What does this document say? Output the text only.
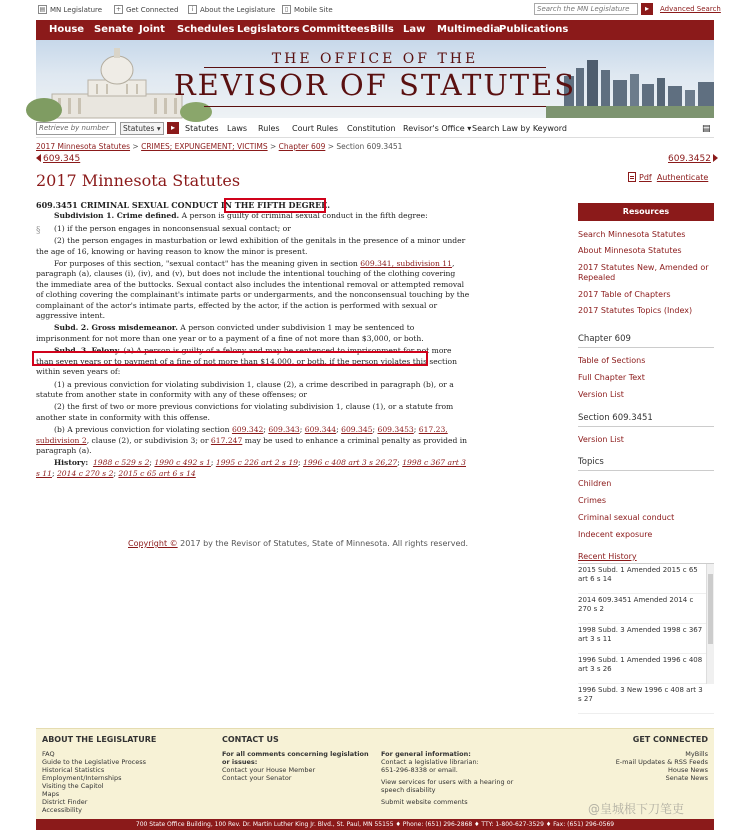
▤ MN Legislature	+ Get Connected	i About the Legislature	▯ Mobile Site	Search the MN Legislature	▸	Advanced Search
House Senate Joint Schedules Legislators Committees Bills Law Multimedia
Publications
THE OFFICE OF THE
REVISOR OF STATUTES
Retrieve by number	Statutes ▾	▸	Statutes Laws Rules Court Rules Constitution Revisor's Office ▾ Search Law by Keyword	▤
2017 Minnesota Statutes > CRIMES; EXPUNGEMENT; VICTIMS > Chapter 609 > Section 609.3451
609.345	609.3452
2017 Minnesota Statutes	Pdf Authenticate
§

609.3451 CRIMINAL SEXUAL CONDUCT IN THE FIFTH DEGREE.

Subdivision 1. Crime defined. A person is guilty of criminal sexual conduct in the fifth degree:

(1) if the person engages in nonconsensual sexual contact; or

(2) the person engages in masturbation or lewd exhibition of the genitals in the presence of a minor under the age of 16, knowing or having reason to know the minor is present.

For purposes of this section, "sexual contact" has the meaning given in section 609.341, subdivision 11, paragraph (a), clauses (i), (iv), and (v), but does not include the intentional touching of the clothing covering the immediate area of the buttocks. Sexual contact also includes the intentional removal or attempted removal of clothing covering the complainant's intimate parts or undergarments, and the nonconsensual touching by the complainant of the actor's intimate parts, effected by the actor, if the action is performed with sexual or aggressive intent.

Subd. 2. Gross misdemeanor. A person convicted under subdivision 1 may be sentenced to imprisonment for not more than one year or to a payment of a fine of not more than $3,000, or both.

Subd. 3. Felony. (a) A person is guilty of a felony and may be sentenced to imprisonment for not more than seven years or to payment of a fine of not more than $14,000, or both, if the person violates this section within seven years of:

(1) a previous conviction for violating subdivision 1, clause (2), a crime described in paragraph (b), or a statute from another state in conformity with any of these offenses; or

(2) the first of two or more previous convictions for violating subdivision 1, clause (1), or a statute from another state in conformity with this offense.

(b) A previous conviction for violating section 609.342; 609.343; 609.344; 609.345; 609.3453; 617.23, subdivision 2, clause (2), or subdivision 3; or 617.247 may be used to enhance a criminal penalty as provided in paragraph (a).

History: 1988 c 529 s 2; 1990 c 492 s 1; 1995 c 226 art 2 s 19; 1996 c 408 art 3 s 26,27; 1998 c 367 art 3 s 11; 2014 c 270 s 2; 2015 c 65 art 6 s 14

Copyright © 2017 by the Revisor of Statutes, State of Minnesota. All rights reserved.
Resources
Search Minnesota Statutes
About Minnesota Statutes
2017 Statutes New, Amended or Repealed
2017 Table of Chapters
2017 Statutes Topics (Index)
Chapter 609
Table of Sections
Full Chapter Text
Version List
Section 609.3451
Version List
Topics
Children
Crimes
Criminal sexual conduct
Indecent exposure
Recent History
2015 Subd. 1 Amended 2015 c 65 art 6 s 14
2014 609.3451 Amended 2014 c 270 s 2
1998 Subd. 3 Amended 1998 c 367 art 3 s 11
1996 Subd. 1 Amended 1996 c 408 art 3 s 26
1996 Subd. 3 New 1996 c 408 art 3 s 27
ABOUT THE LEGISLATURE
FAQ
Guide to the Legislative Process
Historical Statistics
Employment/Internships
Visiting the Capitol
Maps
District Finder
Accessibility
CONTACT US
For all comments concerning legislation or issues:
Contact your House Member
Contact your Senator
For general information:
Contact a legislative librarian:
651-296-8338 or email.
View services for users with a hearing or
speech disability
Submit website comments
GET CONNECTED
MyBills
E-mail Updates & RSS Feeds
House News
Senate News
700 State Office Building, 100 Rev. Dr. Martin Luther King Jr. Blvd., St. Paul, MN 55155 ♦ Phone: (651) 296-2868 ♦ TTY: 1-800-627-3529 ♦ Fax: (651) 296-0569
@皇城根下刀笔吏
